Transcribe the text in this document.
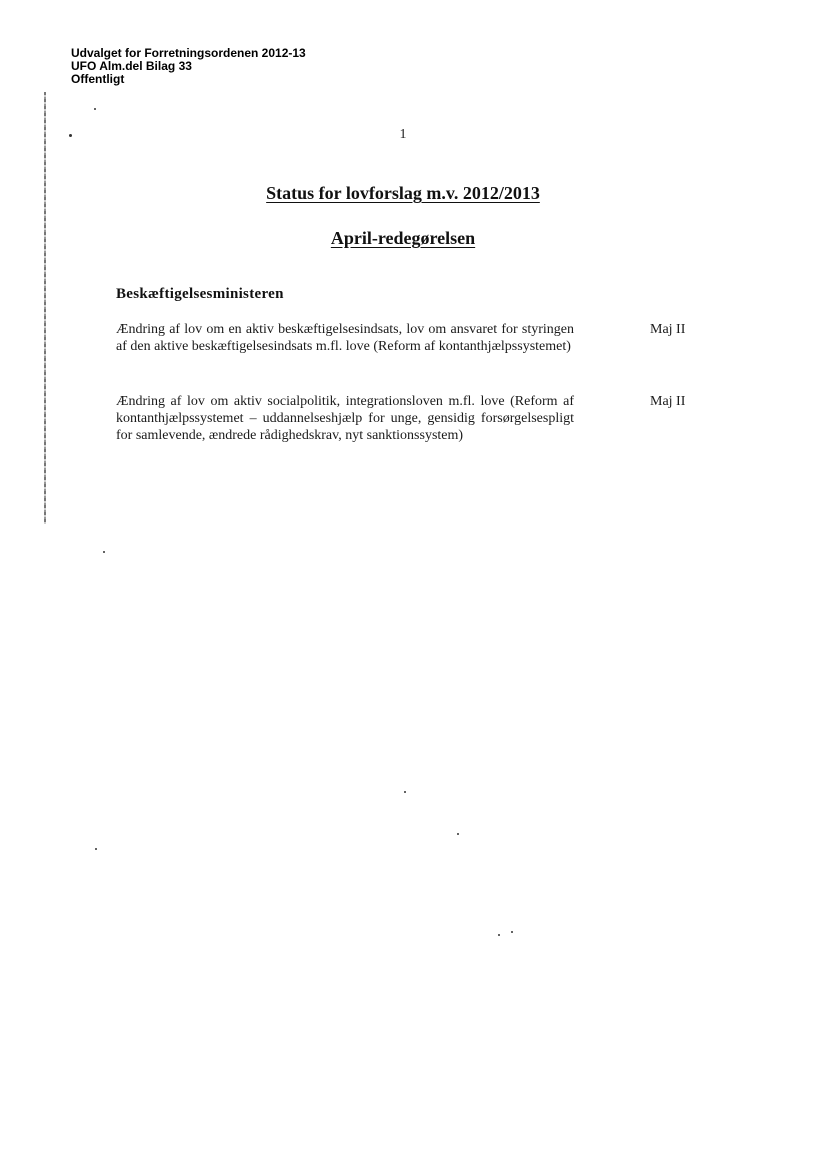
Udvalget for Forretningsordenen 2012-13
UFO Alm.del Bilag 33
Offentligt
1
Status for lovforslag m.v. 2012/2013
April-redegørelsen
Beskæftigelsesministeren
Ændring af lov om en aktiv beskæftigelsesindsats, lov om ansvaret for styringen af den aktive beskæftigelsesindsats m.fl. love (Reform af kontanthjælpssystemet)
Maj II
Ændring af lov om aktiv socialpolitik, integrationsloven m.fl. love (Reform af kontanthjælpssystemet – uddannelseshjælp for unge, gensidig forsørgelsespligt for samlevende, ændrede rådighedskrav, nyt sanktionssystem)
Maj II
